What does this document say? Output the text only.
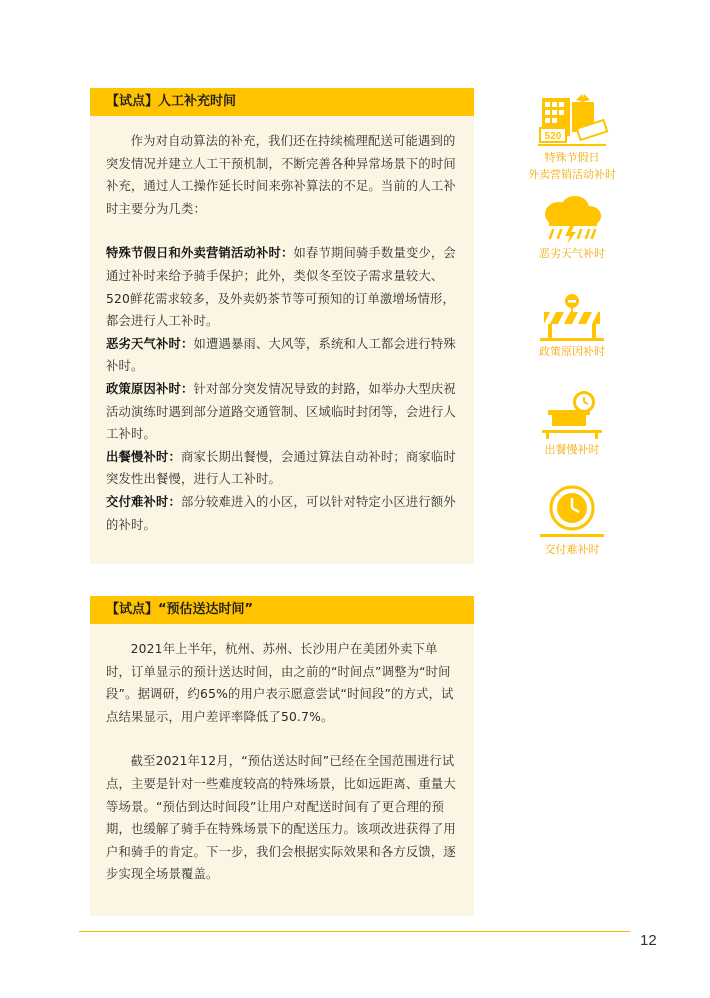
【试点】人工补充时间

作为对自动算法的补充，我们还在持续梳理配送可能遇到的突发情况并建立人工干预机制，不断完善各种异常场景下的时间补充，通过人工操作延长时间来弥补算法的不足。当前的人工补时主要分为几类：

特殊节假日和外卖营销活动补时：如春节期间骑手数量变少，会通过补时来给予骑手保护；此外，类似冬至饺子需求量较大、520鲜花需求较多，及外卖奶茶节等可预知的订单激增场情形，都会进行人工补时。

恶劣天气补时：如遭遇暴雨、大风等，系统和人工都会进行特殊补时。

政策原因补时：针对部分突发情况导致的封路，如举办大型庆祝活动演练时遇到部分道路交通管制、区域临时封闭等，会进行人工补时。

出餐慢补时：商家长期出餐慢，会通过算法自动补时；商家临时突发性出餐慢，进行人工补时。

交付难补时：部分较难进入的小区，可以针对特定小区进行额外的补时。

【试点】“预估送达时间”

2021年上半年，杭州、苏州、长沙用户在美团外卖下单时，订单显示的预计送达时间，由之前的“时间点”调整为“时间段”。据调研，约65%的用户表示愿意尝试“时间段”的方式，试点结果显示，用户差评率降低了50.7%。

截至2021年12月，“预估送达时间”已经在全国范围进行试点，主要是针对一些难度较高的特殊场景，比如远距离、重量大等场景。“预估到达时间段”让用户对配送时间有了更合理的预期，也缓解了骑手在特殊场景下的配送压力。该项改进获得了用户和骑手的肯定。下一步，我们会根据实际效果和各方反馈，逐步实现全场景覆盖。

520
特殊节假日
外卖营销活动补时
恶劣天气补时
政策原因补时
出餐慢补时
交付难补时
12
